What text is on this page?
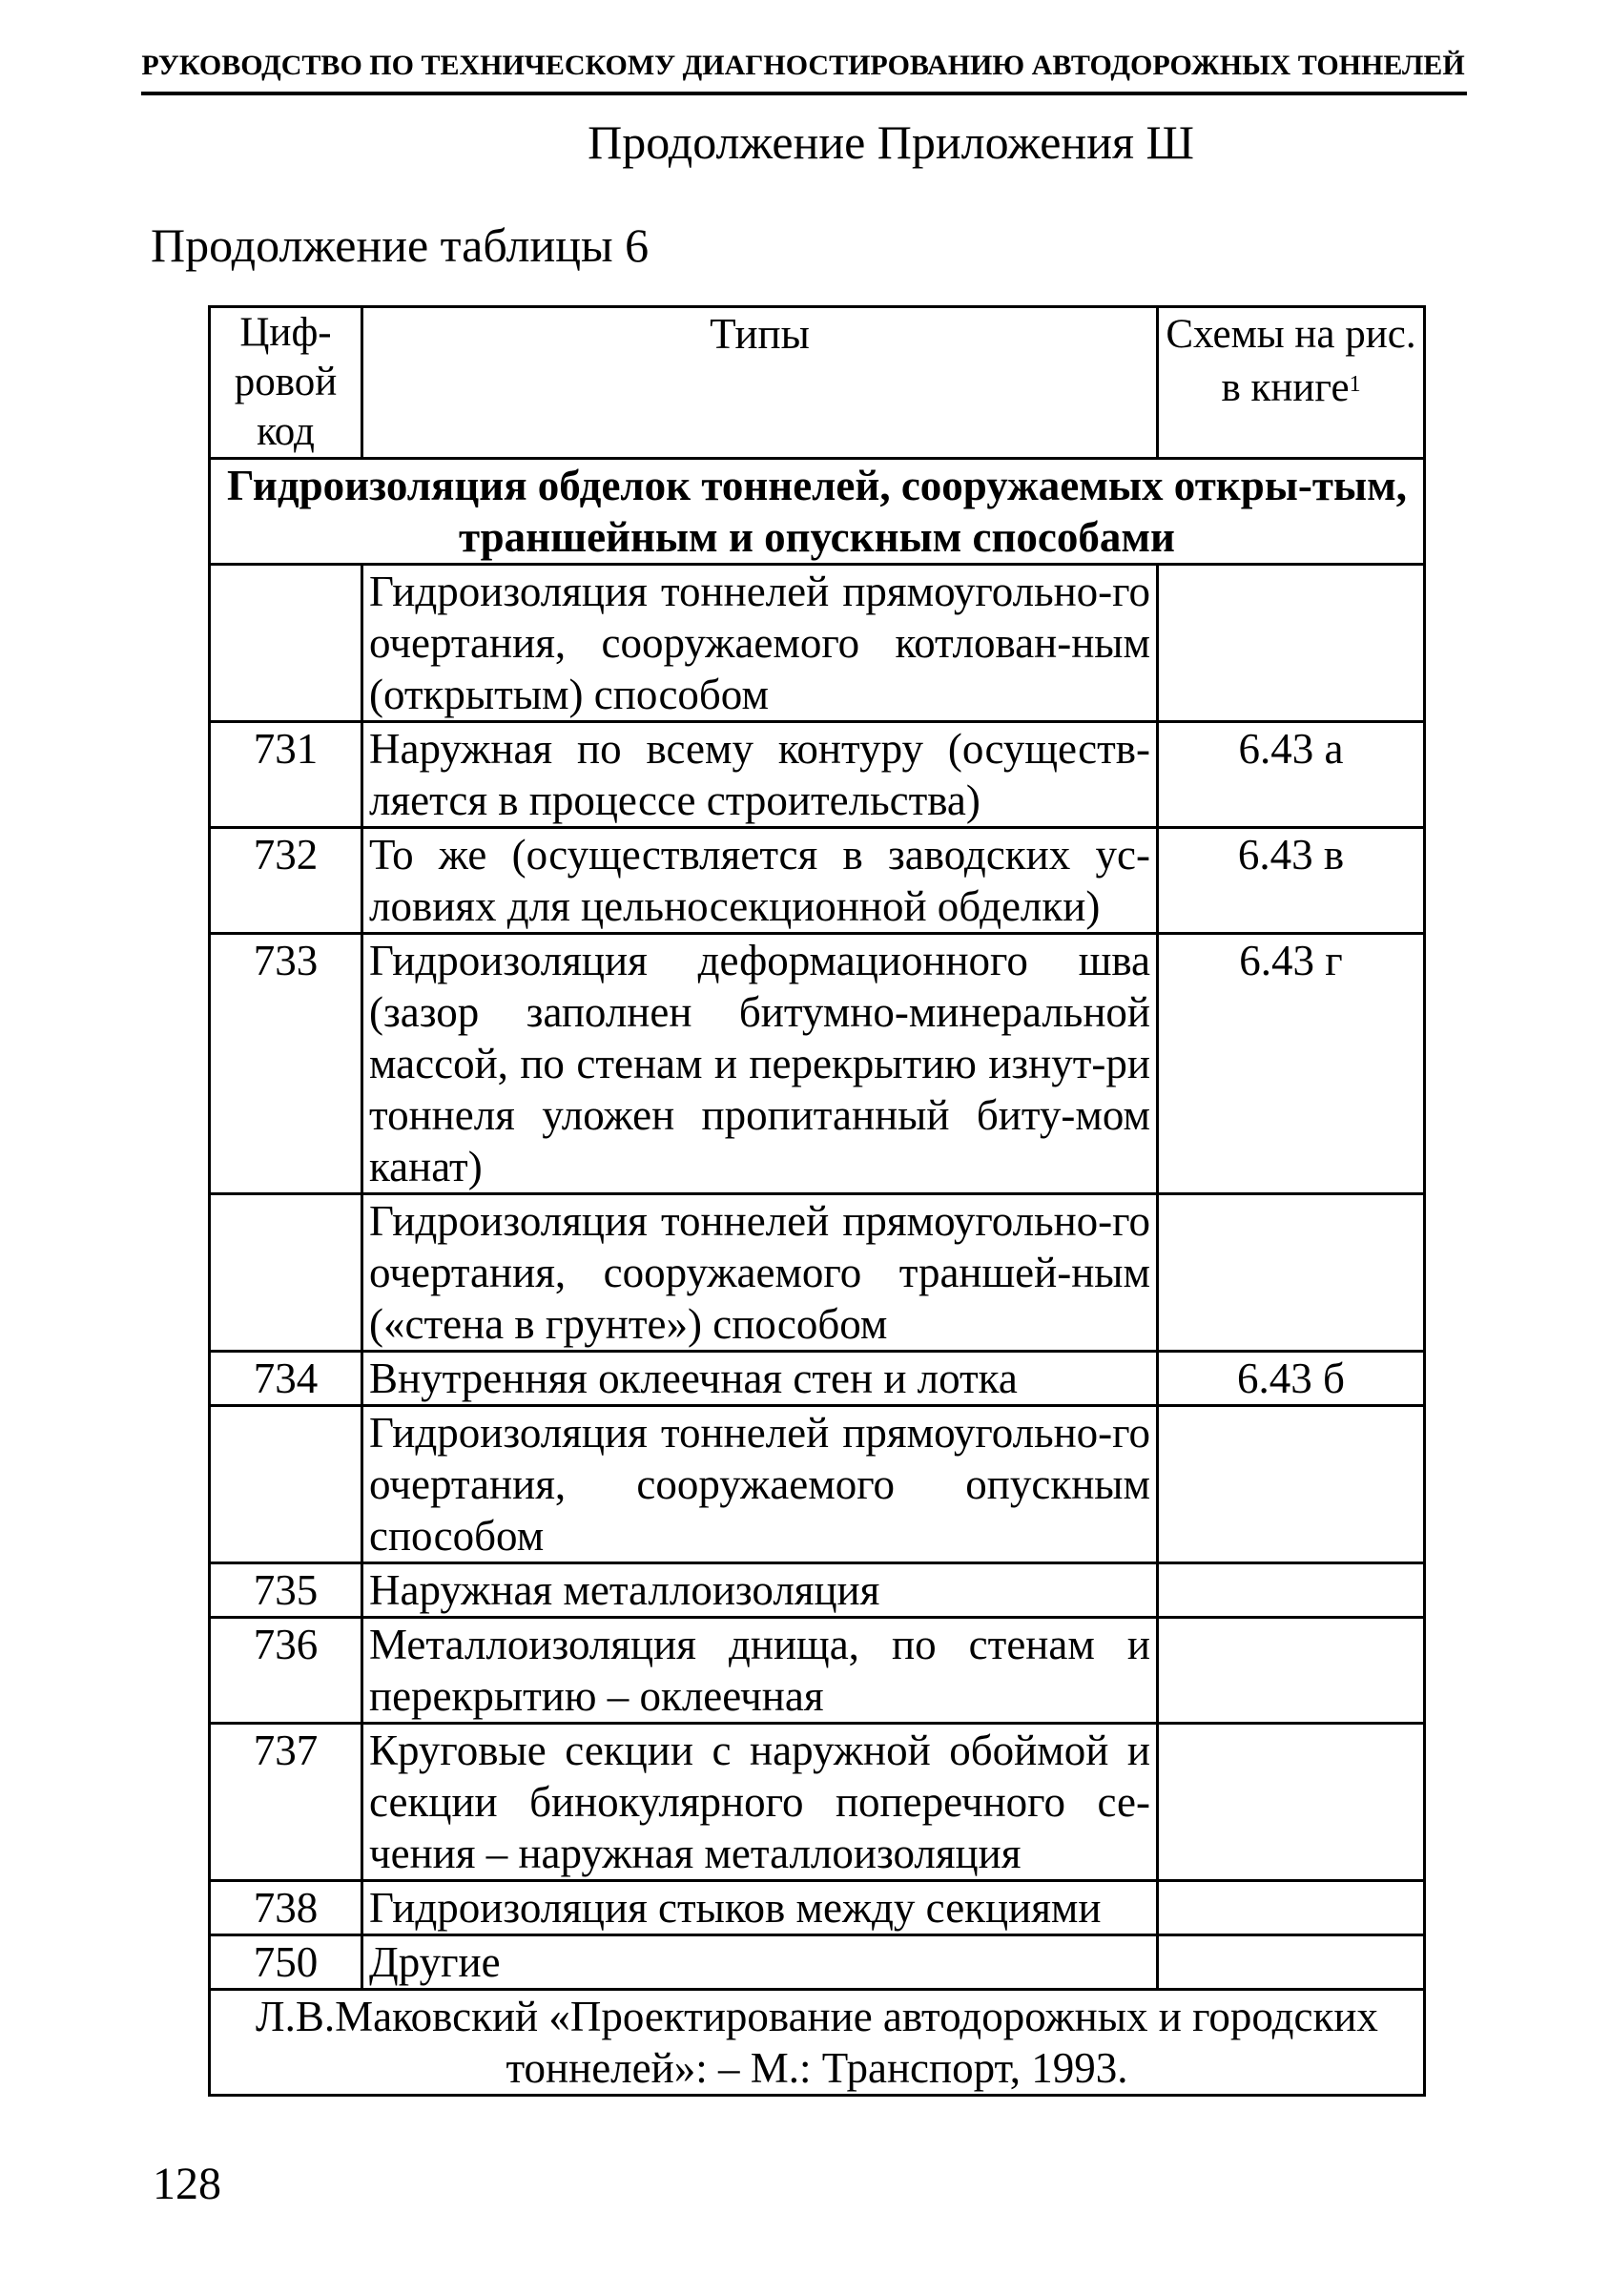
РУКОВОДСТВО ПО ТЕХНИЧЕСКОМУ ДИАГНОСТИРОВАНИЮ АВТОДОРОЖНЫХ ТОННЕЛЕЙ
Продолжение Приложения Ш
Продолжение таблицы 6
Циф-ровой код	Типы	Схемы на рис. в книге$^1$
Гидроизоляция обделок тоннелей, сооружаемых откры-тым, траншейным и опускным способами		
	Гидроизоляция тоннелей прямоугольно-го очертания, сооружаемого котлован-ным (открытым) способом	
731	Наружная по всему контуру (осуществ-ляется в процессе строительства)	6.43 а
732	То же (осуществляется в заводских ус-ловиях для цельносекционной обделки)	6.43 в
733	Гидроизоляция деформационного шва (зазор заполнен битумно-минеральной массой, по стенам и перекрытию изнут-ри тоннеля уложен пропитанный биту-мом канат)	6.43 г
	Гидроизоляция тоннелей прямоугольно-го очертания, сооружаемого траншей-ным («стена в грунте») способом	
734	Внутренняя оклеечная стен и лотка	6.43 б
	Гидроизоляция тоннелей прямоугольно-го очертания, сооружаемого опускным способом	
735	Наружная металлоизоляция	
736	Металлоизоляция днища, по стенам и перекрытию – оклеечная	
737	Круговые секции с наружной обоймой и секции бинокулярного поперечного се-чения – наружная металлоизоляция	
738	Гидроизоляция стыков между секциями	
750	Другие	
Л.В.Маковский «Проектирование автодорожных и городских тоннелей»: – М.: Транспорт, 1993.		
128
